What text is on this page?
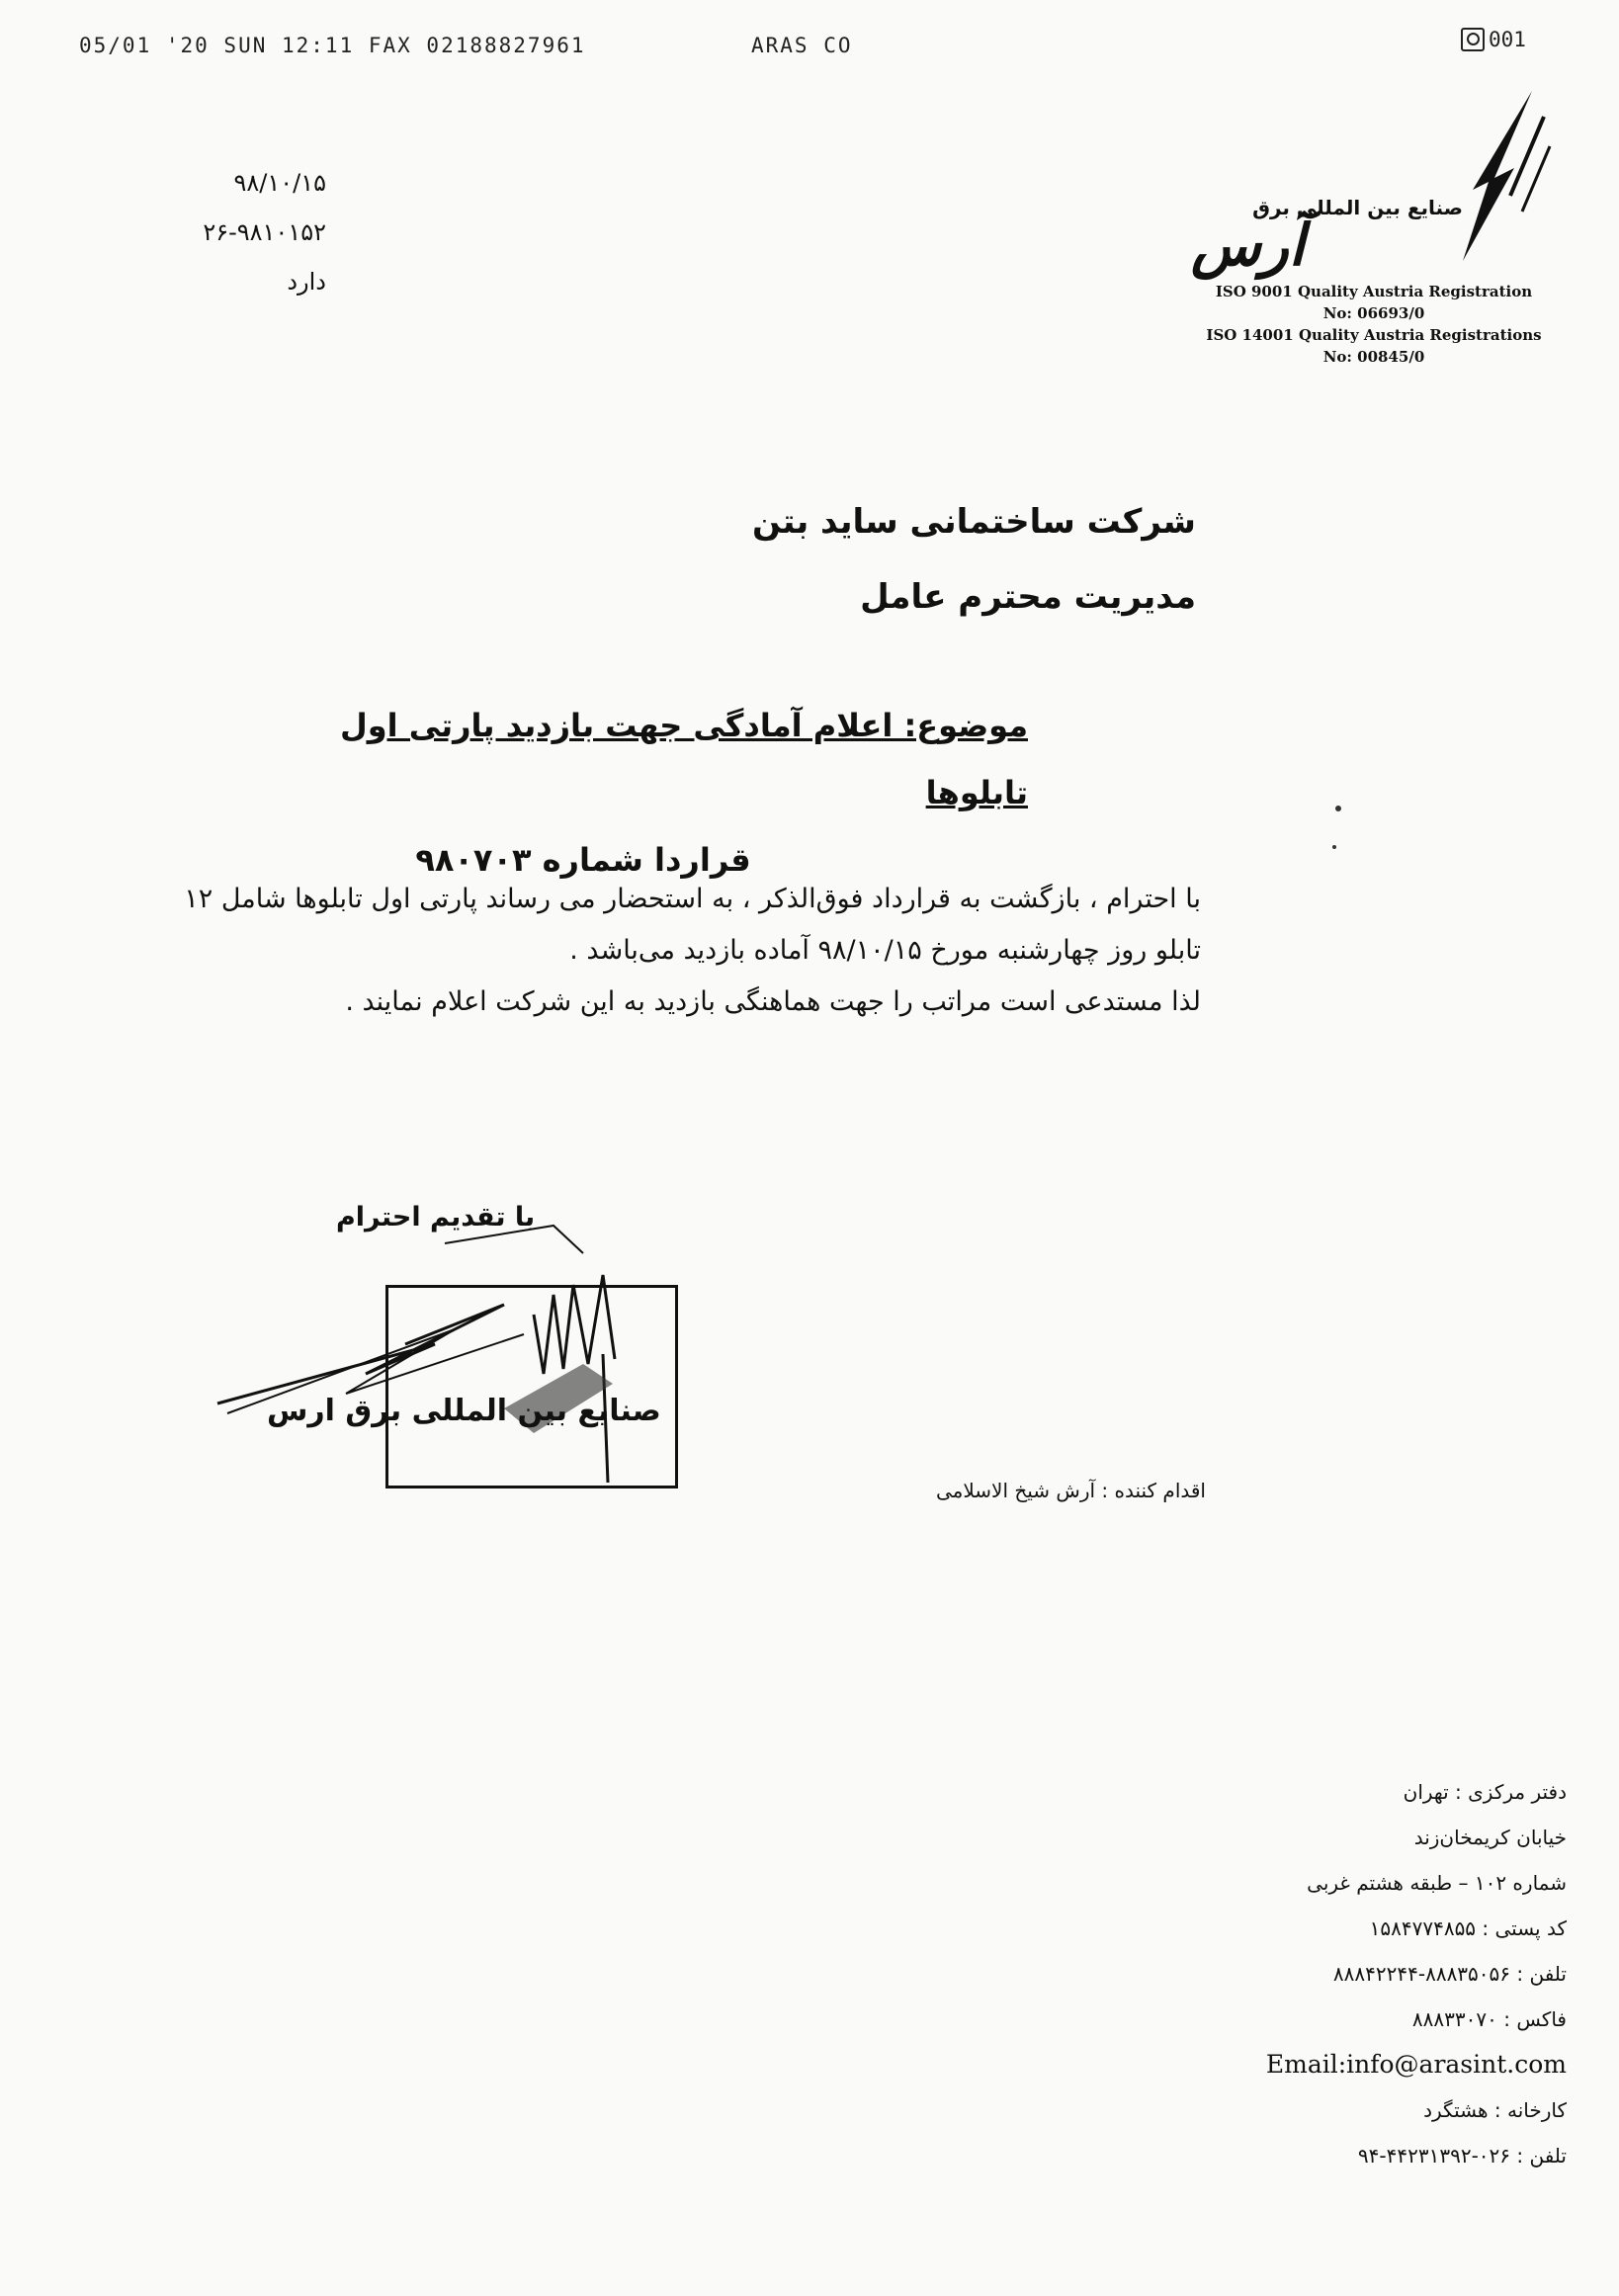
05/01 '20 SUN 12:11 FAX 02188827961	ARAS CO	001
۹۸/۱۰/۱۵
۲۶-۹۸۱۰۱۵۲
دارد
صنایع بین المللی برق
آرس
ISO 9001 Quality Austria Registration
No: 06693/0
ISO 14001 Quality Austria Registrations
No: 00845/0
شرکت ساختمانی ساید بتن
مدیریت محترم عامل
موضوع: اعلام آمادگی جهت بازدید پارتی اول تابلوها
قراردا شماره ۹۸۰۷۰۳
با احترام ، بازگشت به قرارداد فوق‌الذکر ، به استحضار می رساند پارتی اول تابلوها شامل ۱۲
تابلو روز چهارشنبه مورخ ۹۸/۱۰/۱۵ آماده بازدید می‌باشد .
لذا مستدعی است مراتب را جهت هماهنگی بازدید به این شرکت اعلام نمایند .
با تقدیم احترام
صنایع بین المللی برق ارس
اقدام کننده : آرش شیخ الاسلامی
دفتر مرکزی : تهران
خیابان کریمخان‌زند
شماره ۱۰۲ – طبقه هشتم غربی
کد پستی : ۱۵۸۴۷۷۴۸۵۵
تلفن : ۸۸۸۳۵۰۵۶-۸۸۸۴۲۲۴۴
فاکس : ۸۸۸۳۳۰۷۰
Email:info@arasint.com
کارخانه : هشتگرد
تلفن : ۰۲۶-۴۴۲۳۱۳۹۲-۹۴
